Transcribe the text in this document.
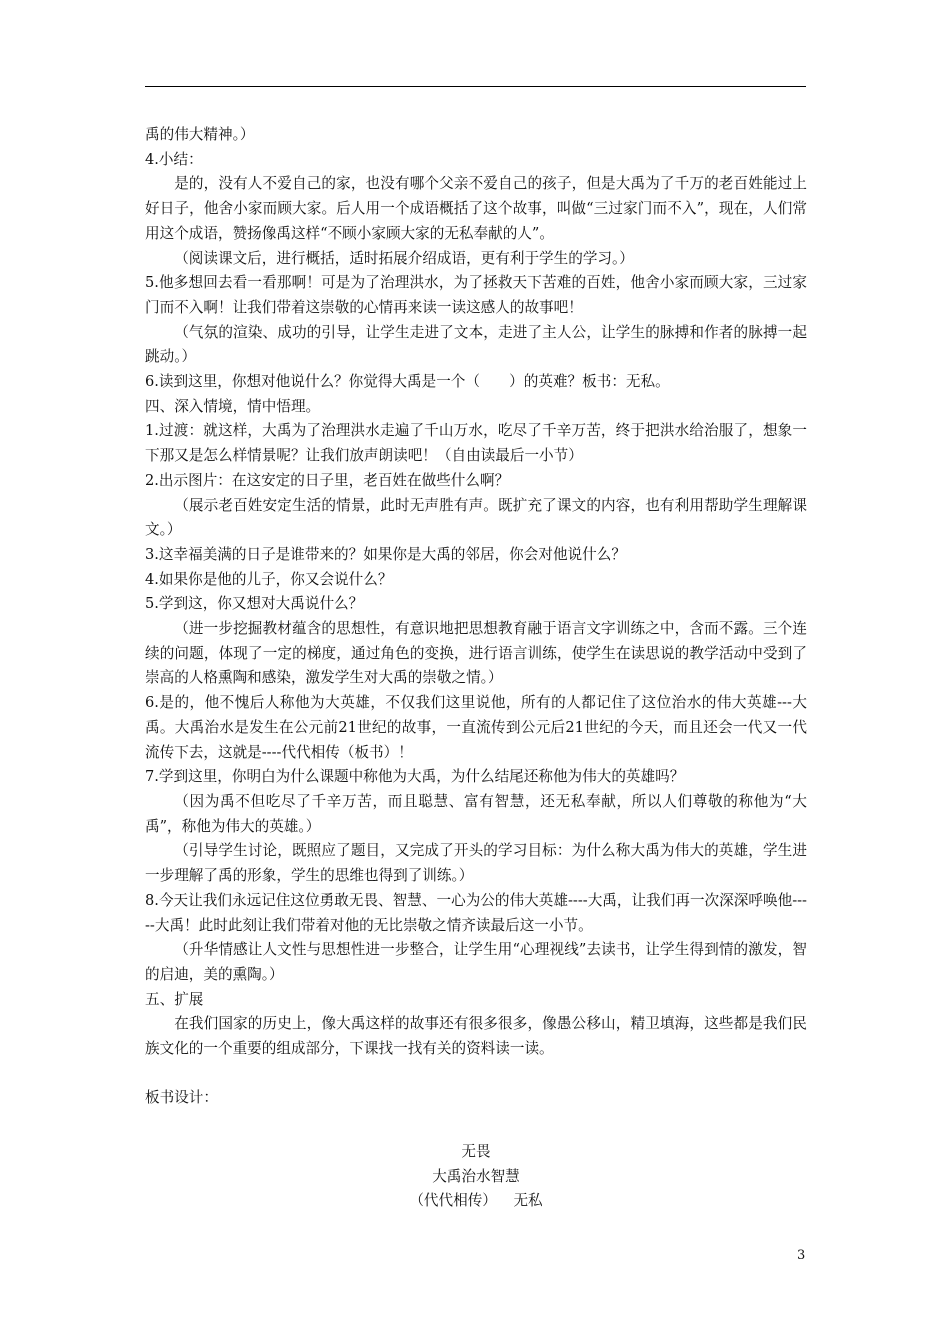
禹的伟大精神。）

4.小结：

是的，没有人不爱自己的家，也没有哪个父亲不爱自己的孩子，但是大禹为了千万的老百姓能过上好日子，他舍小家而顾大家。后人用一个成语概括了这个故事，叫做“三过家门而不入”，现在，人们常用这个成语，赞扬像禹这样“不顾小家顾大家的无私奉献的人”。

（阅读课文后，进行概括，适时拓展介绍成语，更有利于学生的学习。）

5.他多想回去看一看那啊！可是为了治理洪水，为了拯救天下苦难的百姓，他舍小家而顾大家，三过家门而不入啊！让我们带着这崇敬的心情再来读一读这感人的故事吧！

（气氛的渲染、成功的引导，让学生走进了文本，走进了主人公，让学生的脉搏和作者的脉搏一起跳动。）

6.读到这里，你想对他说什么？你觉得大禹是一个（　　）的英难？板书：无私。

四、深入情境，情中悟理。

1.过渡：就这样，大禹为了治理洪水走遍了千山万水，吃尽了千辛万苦，终于把洪水给治服了，想象一下那又是怎么样情景呢？让我们放声朗读吧！（自由读最后一小节）

2.出示图片：在这安定的日子里，老百姓在做些什么啊？

（展示老百姓安定生活的情景，此时无声胜有声。既扩充了课文的内容，也有利用帮助学生理解课文。）

3.这幸福美满的日子是谁带来的？如果你是大禹的邻居，你会对他说什么？

4.如果你是他的儿子，你又会说什么？

5.学到这，你又想对大禹说什么？

（进一步挖掘教材蕴含的思想性，有意识地把思想教育融于语言文字训练之中，含而不露。三个连续的问题，体现了一定的梯度，通过角色的变换，进行语言训练，使学生在读思说的教学活动中受到了崇高的人格熏陶和感染，激发学生对大禹的崇敬之情。）

6.是的，他不愧后人称他为大英雄，不仅我们这里说他，所有的人都记住了这位治水的伟大英雄---大禹。大禹治水是发生在公元前21世纪的故事，一直流传到公元后21世纪的今天，而且还会一代又一代流传下去，这就是----代代相传（板书）！

7.学到这里，你明白为什么课题中称他为大禹，为什么结尾还称他为伟大的英雄吗？

（因为禹不但吃尽了千辛万苦，而且聪慧、富有智慧，还无私奉献，所以人们尊敬的称他为“大禹”，称他为伟大的英雄。）

（引导学生讨论，既照应了题目，又完成了开头的学习目标：为什么称大禹为伟大的英雄，学生进一步理解了禹的形象，学生的思维也得到了训练。）

8.今天让我们永远记住这位勇敢无畏、智慧、一心为公的伟大英雄----大禹，让我们再一次深深呼唤他-----大禹！此时此刻让我们带着对他的无比崇敬之情齐读最后这一小节。

（升华情感让人文性与思想性进一步整合，让学生用“心理视线”去读书，让学生得到情的激发，智的启迪，美的熏陶。）

五、扩展

在我们国家的历史上，像大禹这样的故事还有很多很多，像愚公移山，精卫填海，这些都是我们民族文化的一个重要的组成部分，下课找一找有关的资料读一读。

板书设计：

无畏
大禹治水智慧
（代代相传）　  无私
3
